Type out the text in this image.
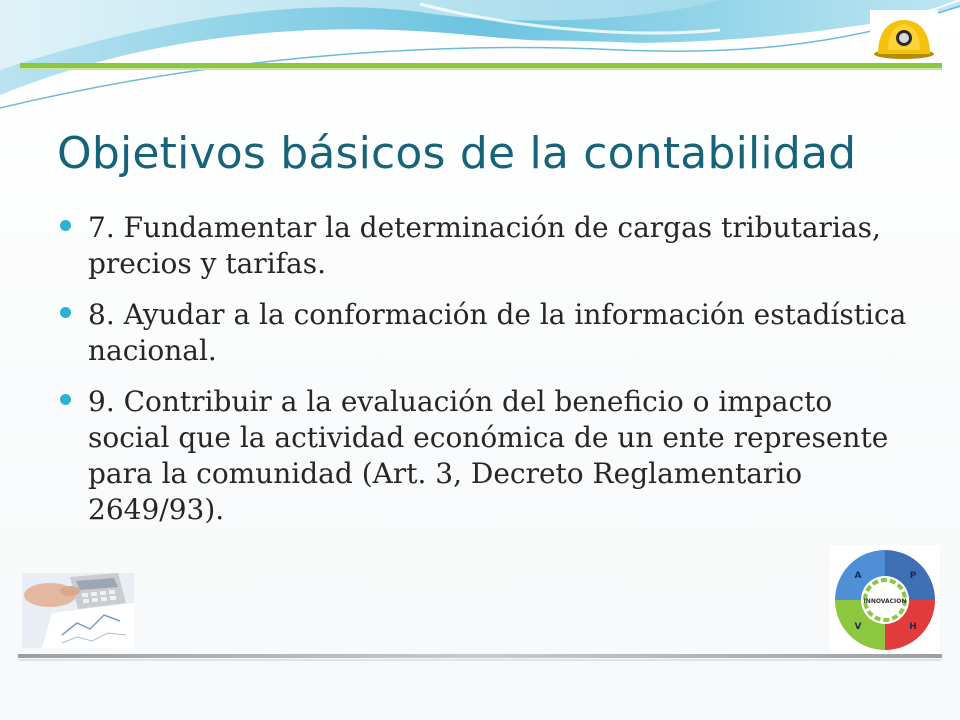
Objetivos básicos de la contabilidad
7. Fundamentar la determinación de cargas tributarias, precios y tarifas.
8. Ayudar a la conformación de la información estadística nacional.
9. Contribuir a la evaluación del beneficio o impacto social que la actividad económica de un ente represente para la comunidad (Art. 3, Decreto Reglamentario 2649/93).
INNOVACION
A	P
V	H
